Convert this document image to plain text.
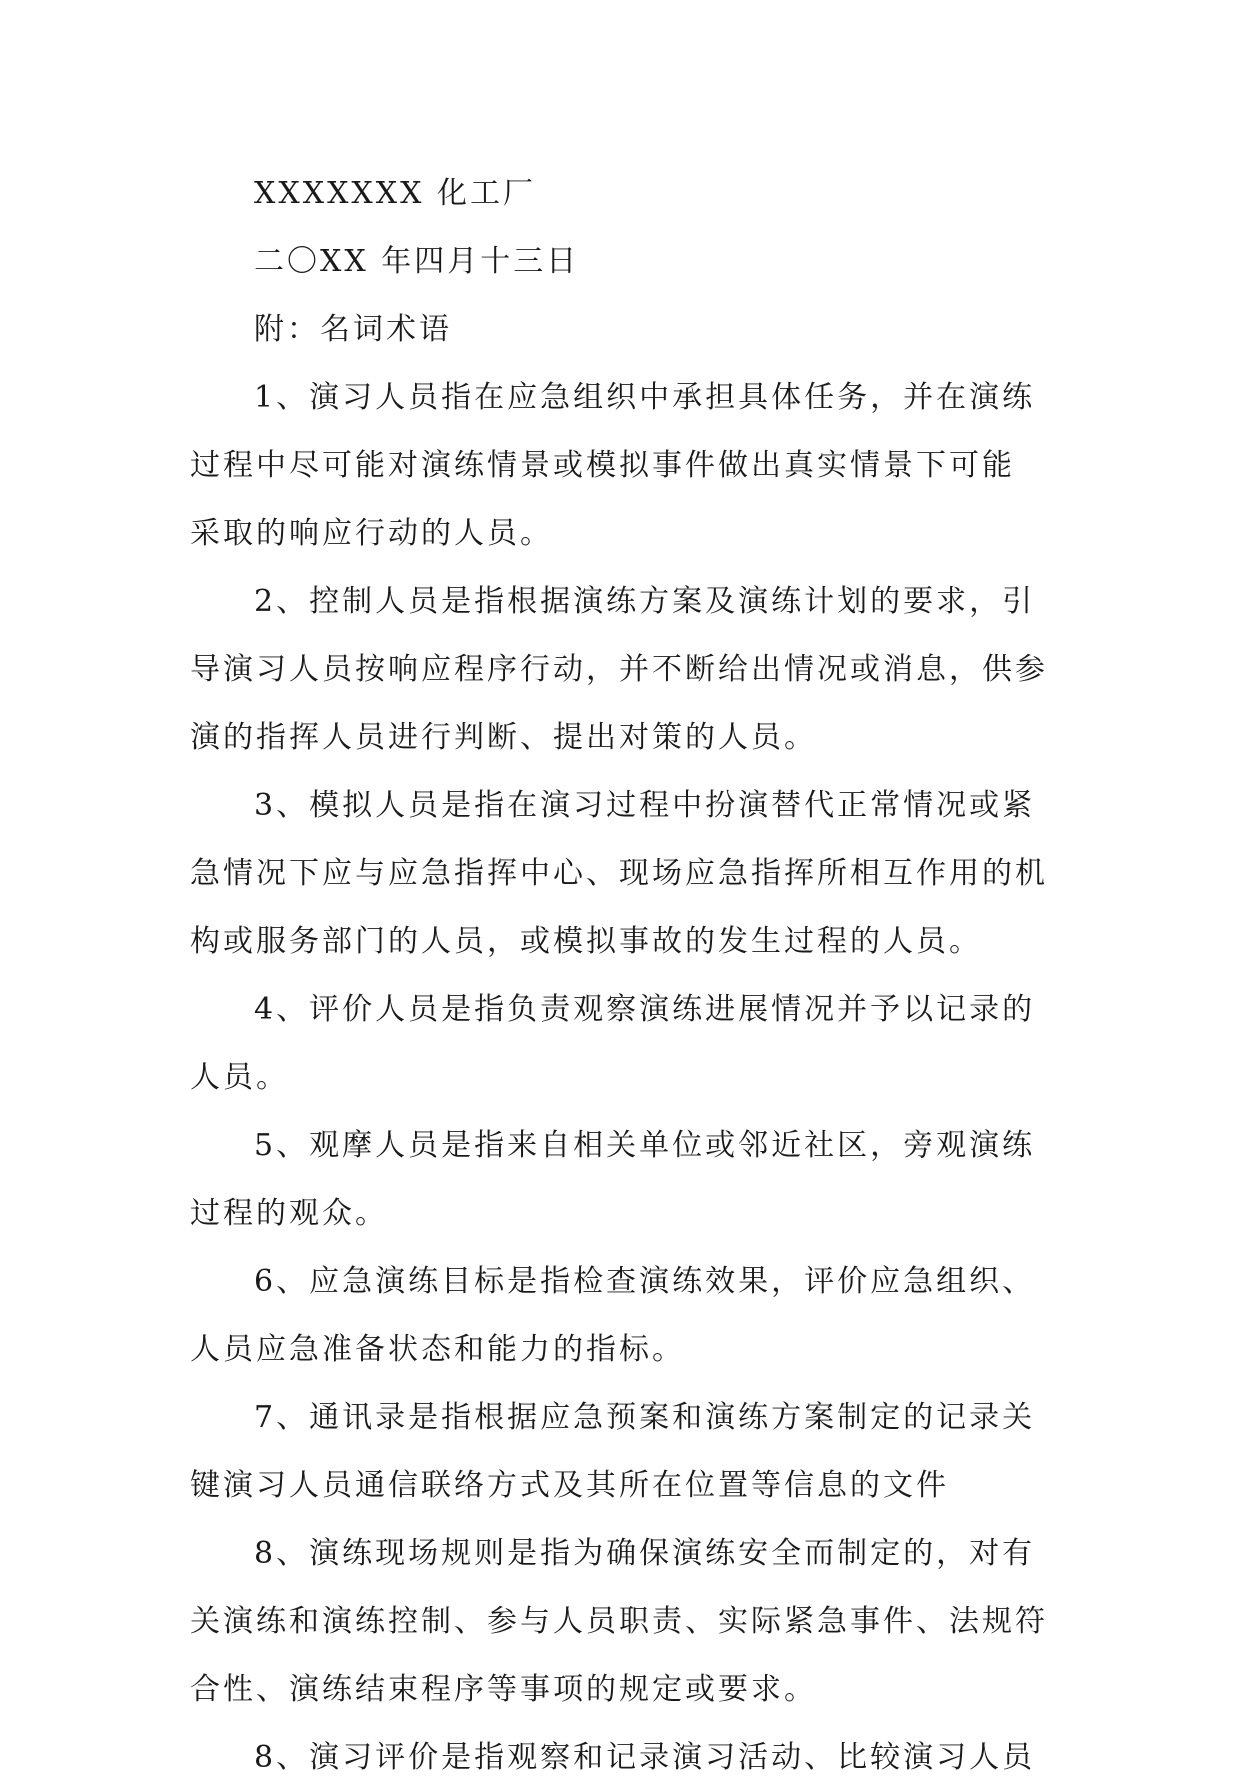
XXXXXXX 化工厂
二〇XX 年四月十三日
附：名词术语
1、演习人员指在应急组织中承担具体任务，并在演练
过程中尽可能对演练情景或模拟事件做出真实情景下可能
采取的响应行动的人员。
2、控制人员是指根据演练方案及演练计划的要求，引
导演习人员按响应程序行动，并不断给出情况或消息，供参
演的指挥人员进行判断、提出对策的人员。
3、模拟人员是指在演习过程中扮演替代正常情况或紧
急情况下应与应急指挥中心、现场应急指挥所相互作用的机
构或服务部门的人员，或模拟事故的发生过程的人员。
4、评价人员是指负责观察演练进展情况并予以记录的
人员。
5、观摩人员是指来自相关单位或邻近社区，旁观演练
过程的观众。
6、应急演练目标是指检查演练效果，评价应急组织、
人员应急准备状态和能力的指标。
7、通讯录是指根据应急预案和演练方案制定的记录关
键演习人员通信联络方式及其所在位置等信息的文件
8、演练现场规则是指为确保演练安全而制定的，对有
关演练和演练控制、参与人员职责、实际紧急事件、法规符
合性、演练结束程序等事项的规定或要求。
8、演习评价是指观察和记录演习活动、比较演习人员
